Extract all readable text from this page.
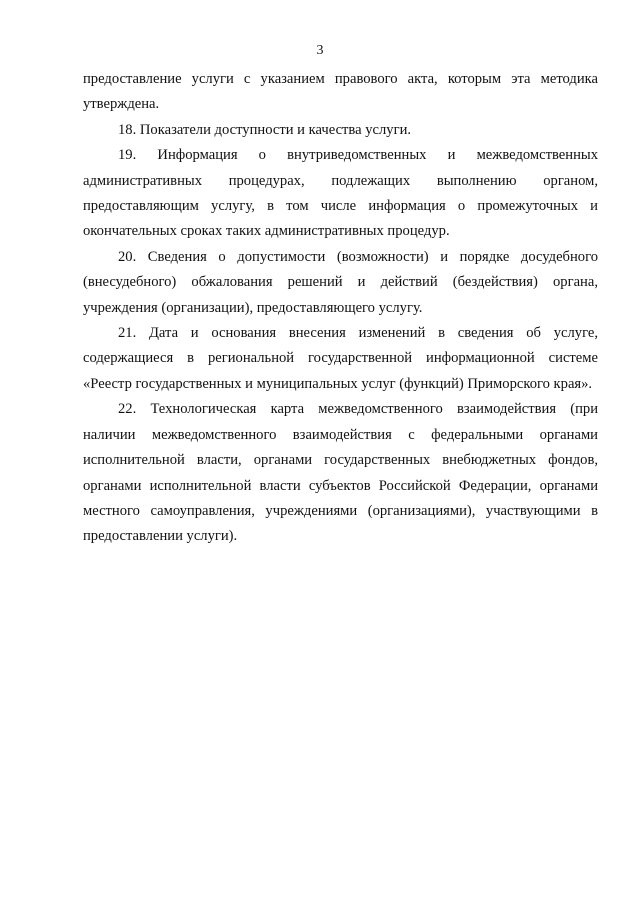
3

предоставление услуги с указанием правового акта, которым эта методика утверждена.

18. Показатели доступности и качества услуги.

19. Информация о внутриведомственных и межведомственных административных процедурах, подлежащих выполнению органом, предоставляющим услугу, в том числе информация о промежуточных и окончательных сроках таких административных процедур.

20. Сведения о допустимости (возможности) и порядке досудебного (внесудебного) обжалования решений и действий (бездействия) органа, учреждения (организации), предоставляющего услугу.

21. Дата и основания внесения изменений в сведения об услуге, содержащиеся в региональной государственной информационной системе «Реестр государственных и муниципальных услуг (функций) Приморского края».

22. Технологическая карта межведомственного взаимодействия (при наличии межведомственного взаимодействия с федеральными органами исполнительной власти, органами государственных внебюджетных фондов, органами исполнительной власти субъектов Российской Федерации, органами местного самоуправления, учреждениями (организациями), участвующими в предоставлении услуги).
